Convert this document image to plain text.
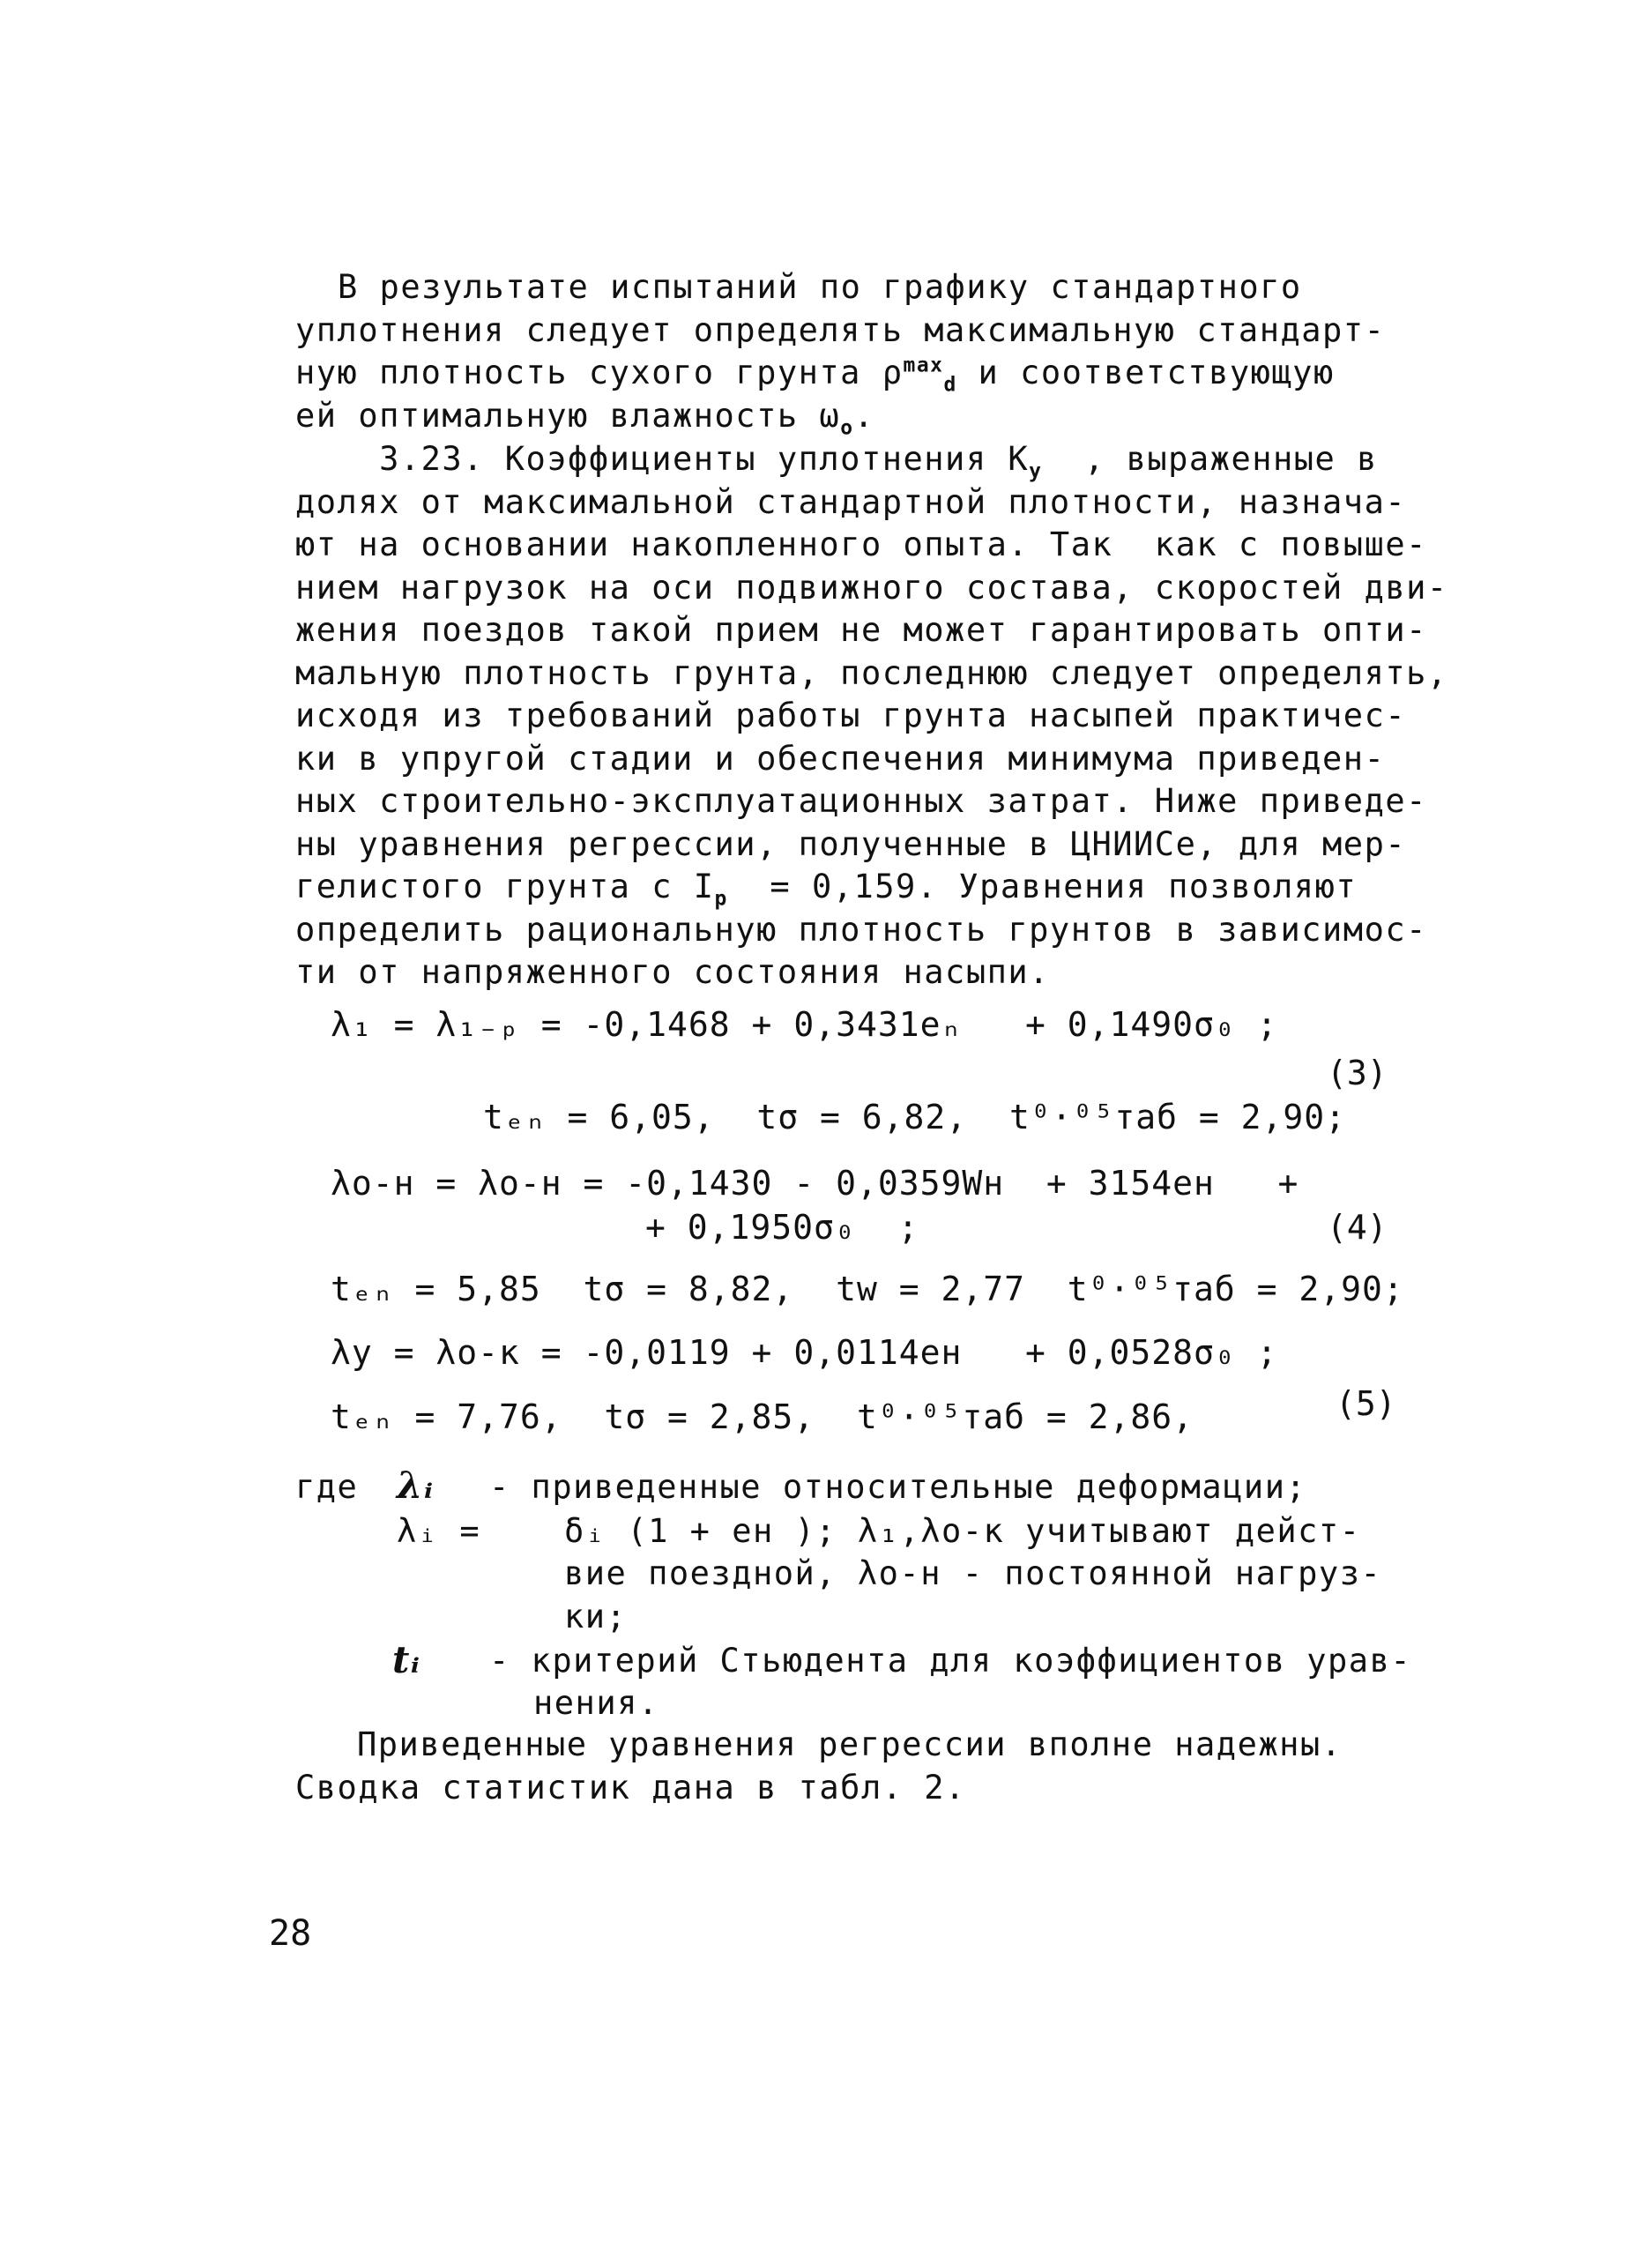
В результате испытаний по графику стандартного
уплотнения следует определять максимальную стандарт-
ную плотность сухого грунта $\rho^{max}_d$ и соответствующую
ей оптимальную влажность $\omega_о$.
3.23. Коэффициенты уплотнения $К_у$  , выраженные в
долях от максимальной стандартной плотности, назнача-
ют на основании накопленного опыта. Так  как с повыше-
нием нагрузок на оси подвижного состава, скоростей дви-
жения поездов такой прием не может гарантировать опти-
мальную плотность грунта, последнюю следует определять,
исходя из требований работы грунта насыпей практичес-
ки в упругой стадии и обеспечения минимума приведен-
ных строительно-эксплуатационных затрат. Ниже приведе-
ны уравнения регрессии, полученные в ЦНИИСе, для мер-
гелистого грунта с $I_р = 0,159$. Уравнения позволяют
определить рациональную плотность грунтов в зависимос-
ти от напряженного состояния насыпи.
λ₁ = λ₁₋ₚ = -0,1468 + 0,3431eₙ   + 0,1490σ₀ ;
(3)
tₑₙ = 6,05,  tσ = 6,82,  t⁰·⁰⁵таб = 2,90;
λо-н = λо-н = -0,1430 - 0,0359Wн  + 3154eн   +
+ 0,1950σ₀  ;	(4)
tₑₙ = 5,85  tσ = 8,82,  tw = 2,77  t⁰·⁰⁵таб = 2,90;
λу = λо-к = -0,0119 + 0,0114eн   + 0,0528σ₀ ;
tₑₙ = 7,76,  tσ = 2,85,  t⁰·⁰⁵таб = 2,86,	(5)
где λᵢ - приведенные относительные деформации;
λᵢ =	δᵢ (1 + eн ); λ₁,λо-к учитывают дейст-
вие поездной, λо-н - постоянной нагруз-
ки;
tᵢ - критерий Стьюдента для коэффициентов урав-
нения.
Приведенные уравнения регрессии вполне надежны.
Сводка статистик дана в табл. 2.
28
